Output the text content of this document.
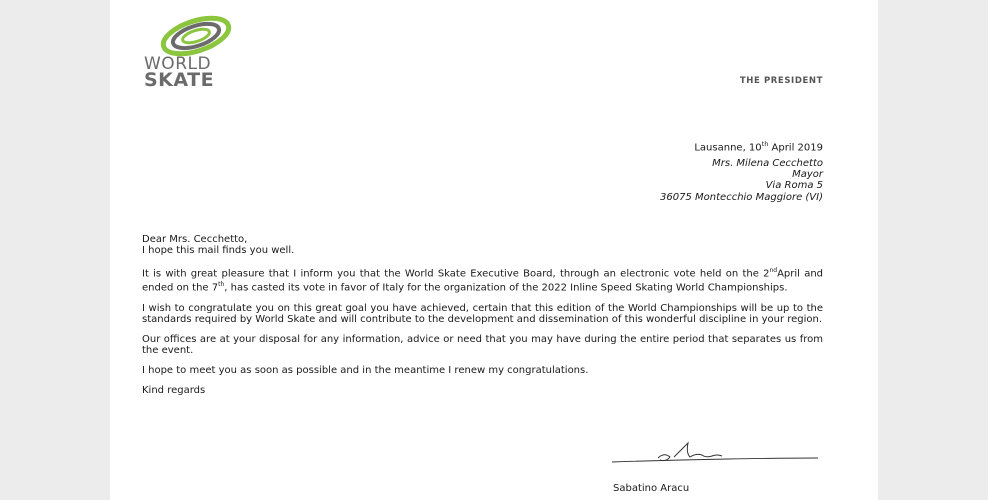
WORLD
SKATE	THE PRESIDENT
Lausanne, 10th April 2019
Mrs. Milena Cecchetto
Mayor
Via Roma 5
36075 Montecchio Maggiore (VI)

Dear Mrs. Cecchetto,
I hope this mail finds you well.

It is with great pleasure that I inform you that the World Skate Executive Board, through an electronic vote held on the 2ndApril and ended on the 7th, has casted its vote in favor of Italy for the organization of the 2022 Inline Speed Skating World Championships.

I wish to congratulate you on this great goal you have achieved, certain that this edition of the World Championships will be up to the standards required by World Skate and will contribute to the development and dissemination of this wonderful discipline in your region.

Our offices are at your disposal for any information, advice or need that you may have during the entire period that separates us from the event.

I hope to meet you as soon as possible and in the meantime I renew my congratulations.

Kind regards

Sabatino Aracu
